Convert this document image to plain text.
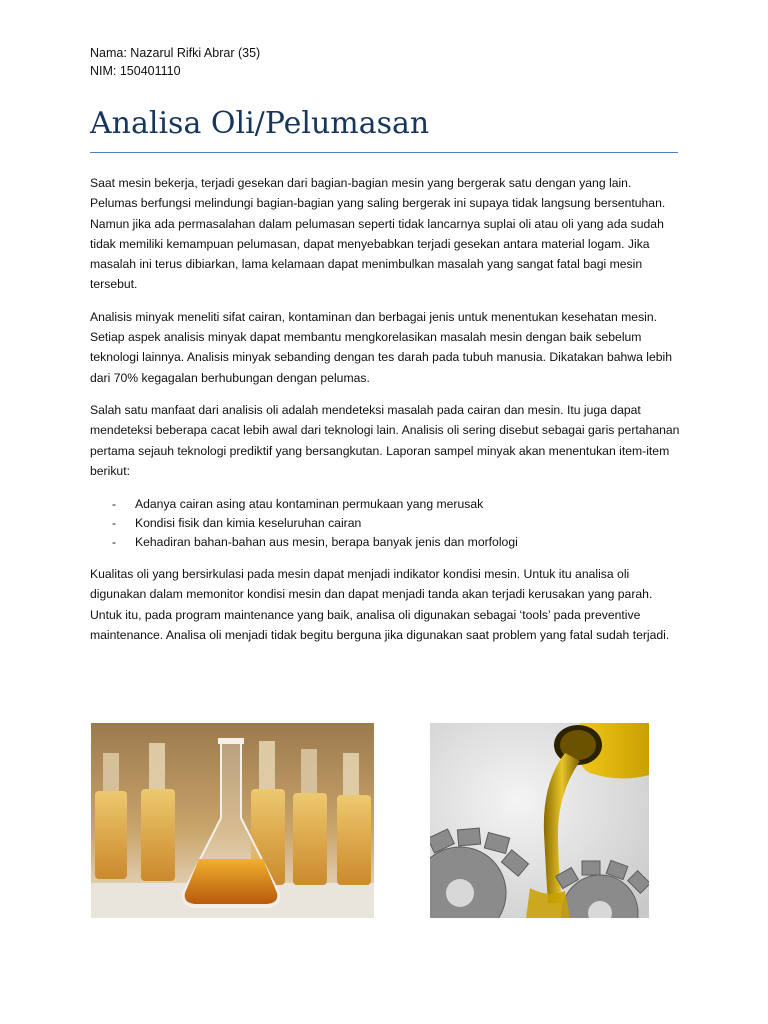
Nama: Nazarul Rifki Abrar (35)

NIM: 150401110

Analisa Oli/Pelumasan

Saat mesin bekerja, terjadi gesekan dari bagian-bagian mesin yang bergerak satu dengan yang lain. Pelumas berfungsi melindungi bagian-bagian yang saling bergerak ini supaya tidak langsung bersentuhan. Namun jika ada permasalahan dalam pelumasan seperti tidak lancarnya suplai oli atau oli yang ada sudah tidak memiliki kemampuan pelumasan, dapat menyebabkan terjadi gesekan antara material logam. Jika masalah ini terus dibiarkan, lama kelamaan dapat menimbulkan masalah yang sangat fatal bagi mesin tersebut.

Analisis minyak meneliti sifat cairan, kontaminan dan berbagai jenis untuk menentukan kesehatan mesin. Setiap aspek analisis minyak dapat membantu mengkorelasikan masalah mesin dengan baik sebelum teknologi lainnya. Analisis minyak sebanding dengan tes darah pada tubuh manusia. Dikatakan bahwa lebih dari 70% kegagalan berhubungan dengan pelumas.

Salah satu manfaat dari analisis oli adalah mendeteksi masalah pada cairan dan mesin. Itu juga dapat mendeteksi beberapa cacat lebih awal dari teknologi lain. Analisis oli sering disebut sebagai garis pertahanan pertama sejauh teknologi prediktif yang bersangkutan. Laporan sampel minyak akan menentukan item-item berikut:

-	Adanya cairan asing atau kontaminan permukaan yang merusak
-	Kondisi fisik dan kimia keseluruhan cairan
-	Kehadiran bahan-bahan aus mesin, berapa banyak jenis dan morfologi

Kualitas oli yang bersirkulasi pada mesin dapat menjadi indikator kondisi mesin. Untuk itu analisa oli digunakan dalam memonitor kondisi mesin dan dapat menjadi tanda akan terjadi kerusakan yang parah. Untuk itu, pada program maintenance yang baik, analisa oli digunakan sebagai ‘tools’ pada preventive maintenance. Analisa oli menjadi tidak begitu berguna jika digunakan saat problem yang fatal sudah terjadi.
